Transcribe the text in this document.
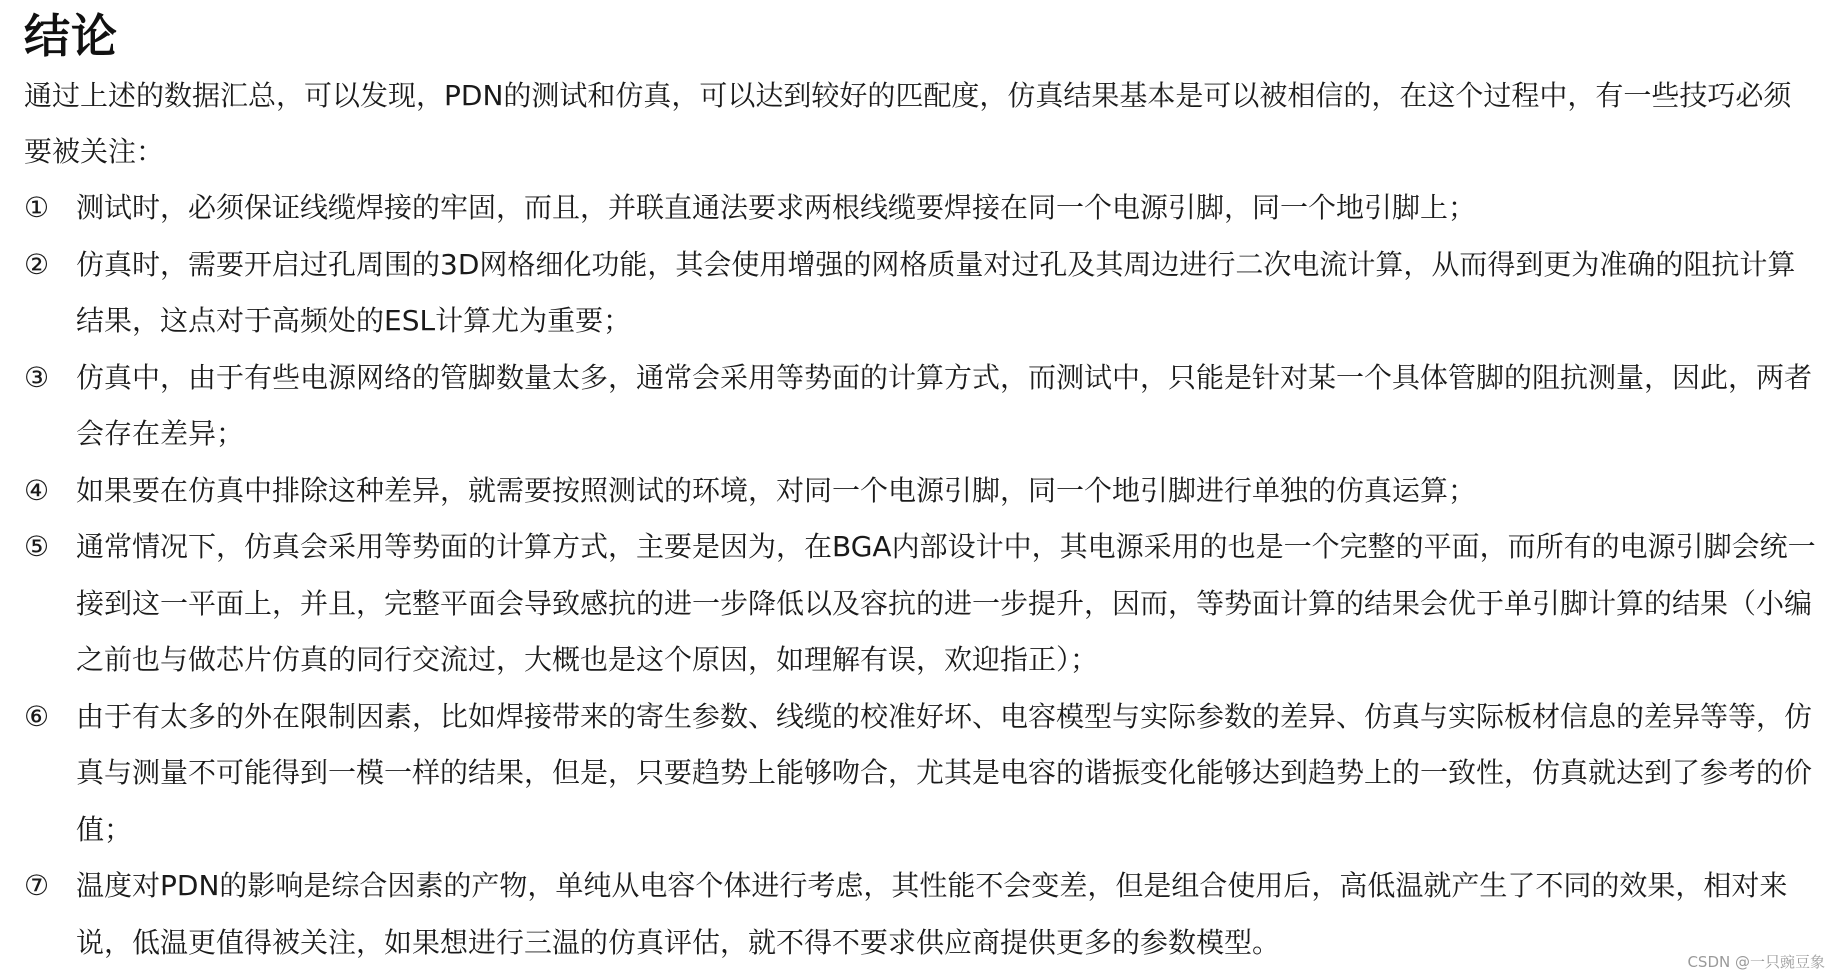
结论

通过上述的数据汇总，可以发现，PDN的测试和仿真，可以达到较好的匹配度，仿真结果基本是可以被相信的，在这个过程中，有一些技巧必须要被关注：

① 测试时，必须保证线缆焊接的牢固，而且，并联直通法要求两根线缆要焊接在同一个电源引脚，同一个地引脚上；
② 仿真时，需要开启过孔周围的3D网格细化功能，其会使用增强的网格质量对过孔及其周边进行二次电流计算，从而得到更为准确的阻抗计算结果，这点对于高频处的ESL计算尤为重要；
③ 仿真中，由于有些电源网络的管脚数量太多，通常会采用等势面的计算方式，而测试中，只能是针对某一个具体管脚的阻抗测量，因此，两者会存在差异；
④ 如果要在仿真中排除这种差异，就需要按照测试的环境，对同一个电源引脚，同一个地引脚进行单独的仿真运算；
⑤ 通常情况下，仿真会采用等势面的计算方式，主要是因为，在BGA内部设计中，其电源采用的也是一个完整的平面，而所有的电源引脚会统一接到这一平面上，并且，完整平面会导致感抗的进一步降低以及容抗的进一步提升，因而，等势面计算的结果会优于单引脚计算的结果（小编之前也与做芯片仿真的同行交流过，大概也是这个原因，如理解有误，欢迎指正）；
⑥ 由于有太多的外在限制因素，比如焊接带来的寄生参数、线缆的校准好坏、电容模型与实际参数的差异、仿真与实际板材信息的差异等等，仿真与测量不可能得到一模一样的结果，但是，只要趋势上能够吻合，尤其是电容的谐振变化能够达到趋势上的一致性，仿真就达到了参考的价值；
⑦ 温度对PDN的影响是综合因素的产物，单纯从电容个体进行考虑，其性能不会变差，但是组合使用后，高低温就产生了不同的效果，相对来说，低温更值得被关注，如果想进行三温的仿真评估，就不得不要求供应商提供更多的参数模型。
CSDN @一只豌豆象
